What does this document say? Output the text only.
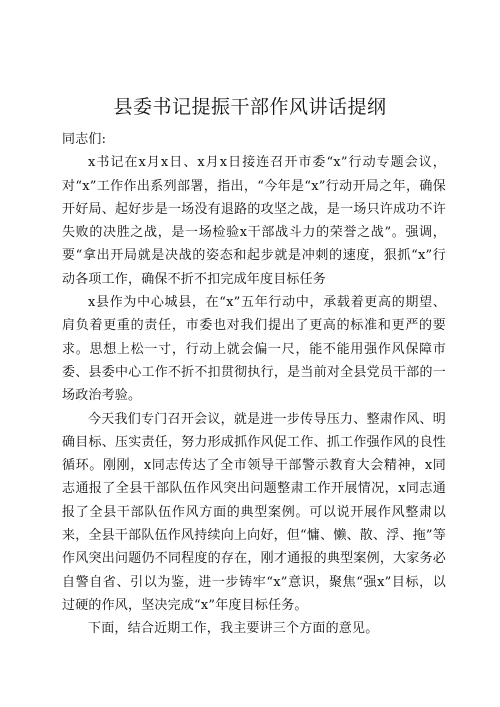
县委书记提振干部作风讲话提纲

同志们:

x书记在x月x日、x月x日接连召开市委“x”行动专题会议，对“x”工作作出系列部署，指出，“今年是“x”行动开局之年，确保开好局、起好步是一场没有退路的攻坚之战，是一场只许成功不许失败的决胜之战，是一场检验x干部战斗力的荣誉之战”。强调，要“拿出开局就是决战的姿态和起步就是冲刺的速度，狠抓“x”行动各项工作，确保不折不扣完成年度目标任务

x县作为中心城县，在“x”五年行动中，承载着更高的期望、肩负着更重的责任，市委也对我们提出了更高的标准和更严的要求。思想上松一寸，行动上就会偏一尺，能不能用强作风保障市委、县委中心工作不折不扣贯彻执行，是当前对全县党员干部的一场政治考验。

今天我们专门召开会议，就是进一步传导压力、整肃作风、明确目标、压实责任，努力形成抓作风促工作、抓工作强作风的良性循环。刚刚，x同志传达了全市领导干部警示教育大会精神，x同志通报了全县干部队伍作风突出问题整肃工作开展情况，x同志通报了全县干部队伍作风方面的典型案例。可以说开展作风整肃以来，全县干部队伍作风持续向上向好，但“慵、懒、散、浮、拖”等作风突出问题仍不同程度的存在，刚才通报的典型案例，大家务必自警自省、引以为鉴，进一步铸牢“x”意识，聚焦“强x”目标，以过硬的作风，坚决完成“x”年度目标任务。

下面，结合近期工作，我主要讲三个方面的意见。
